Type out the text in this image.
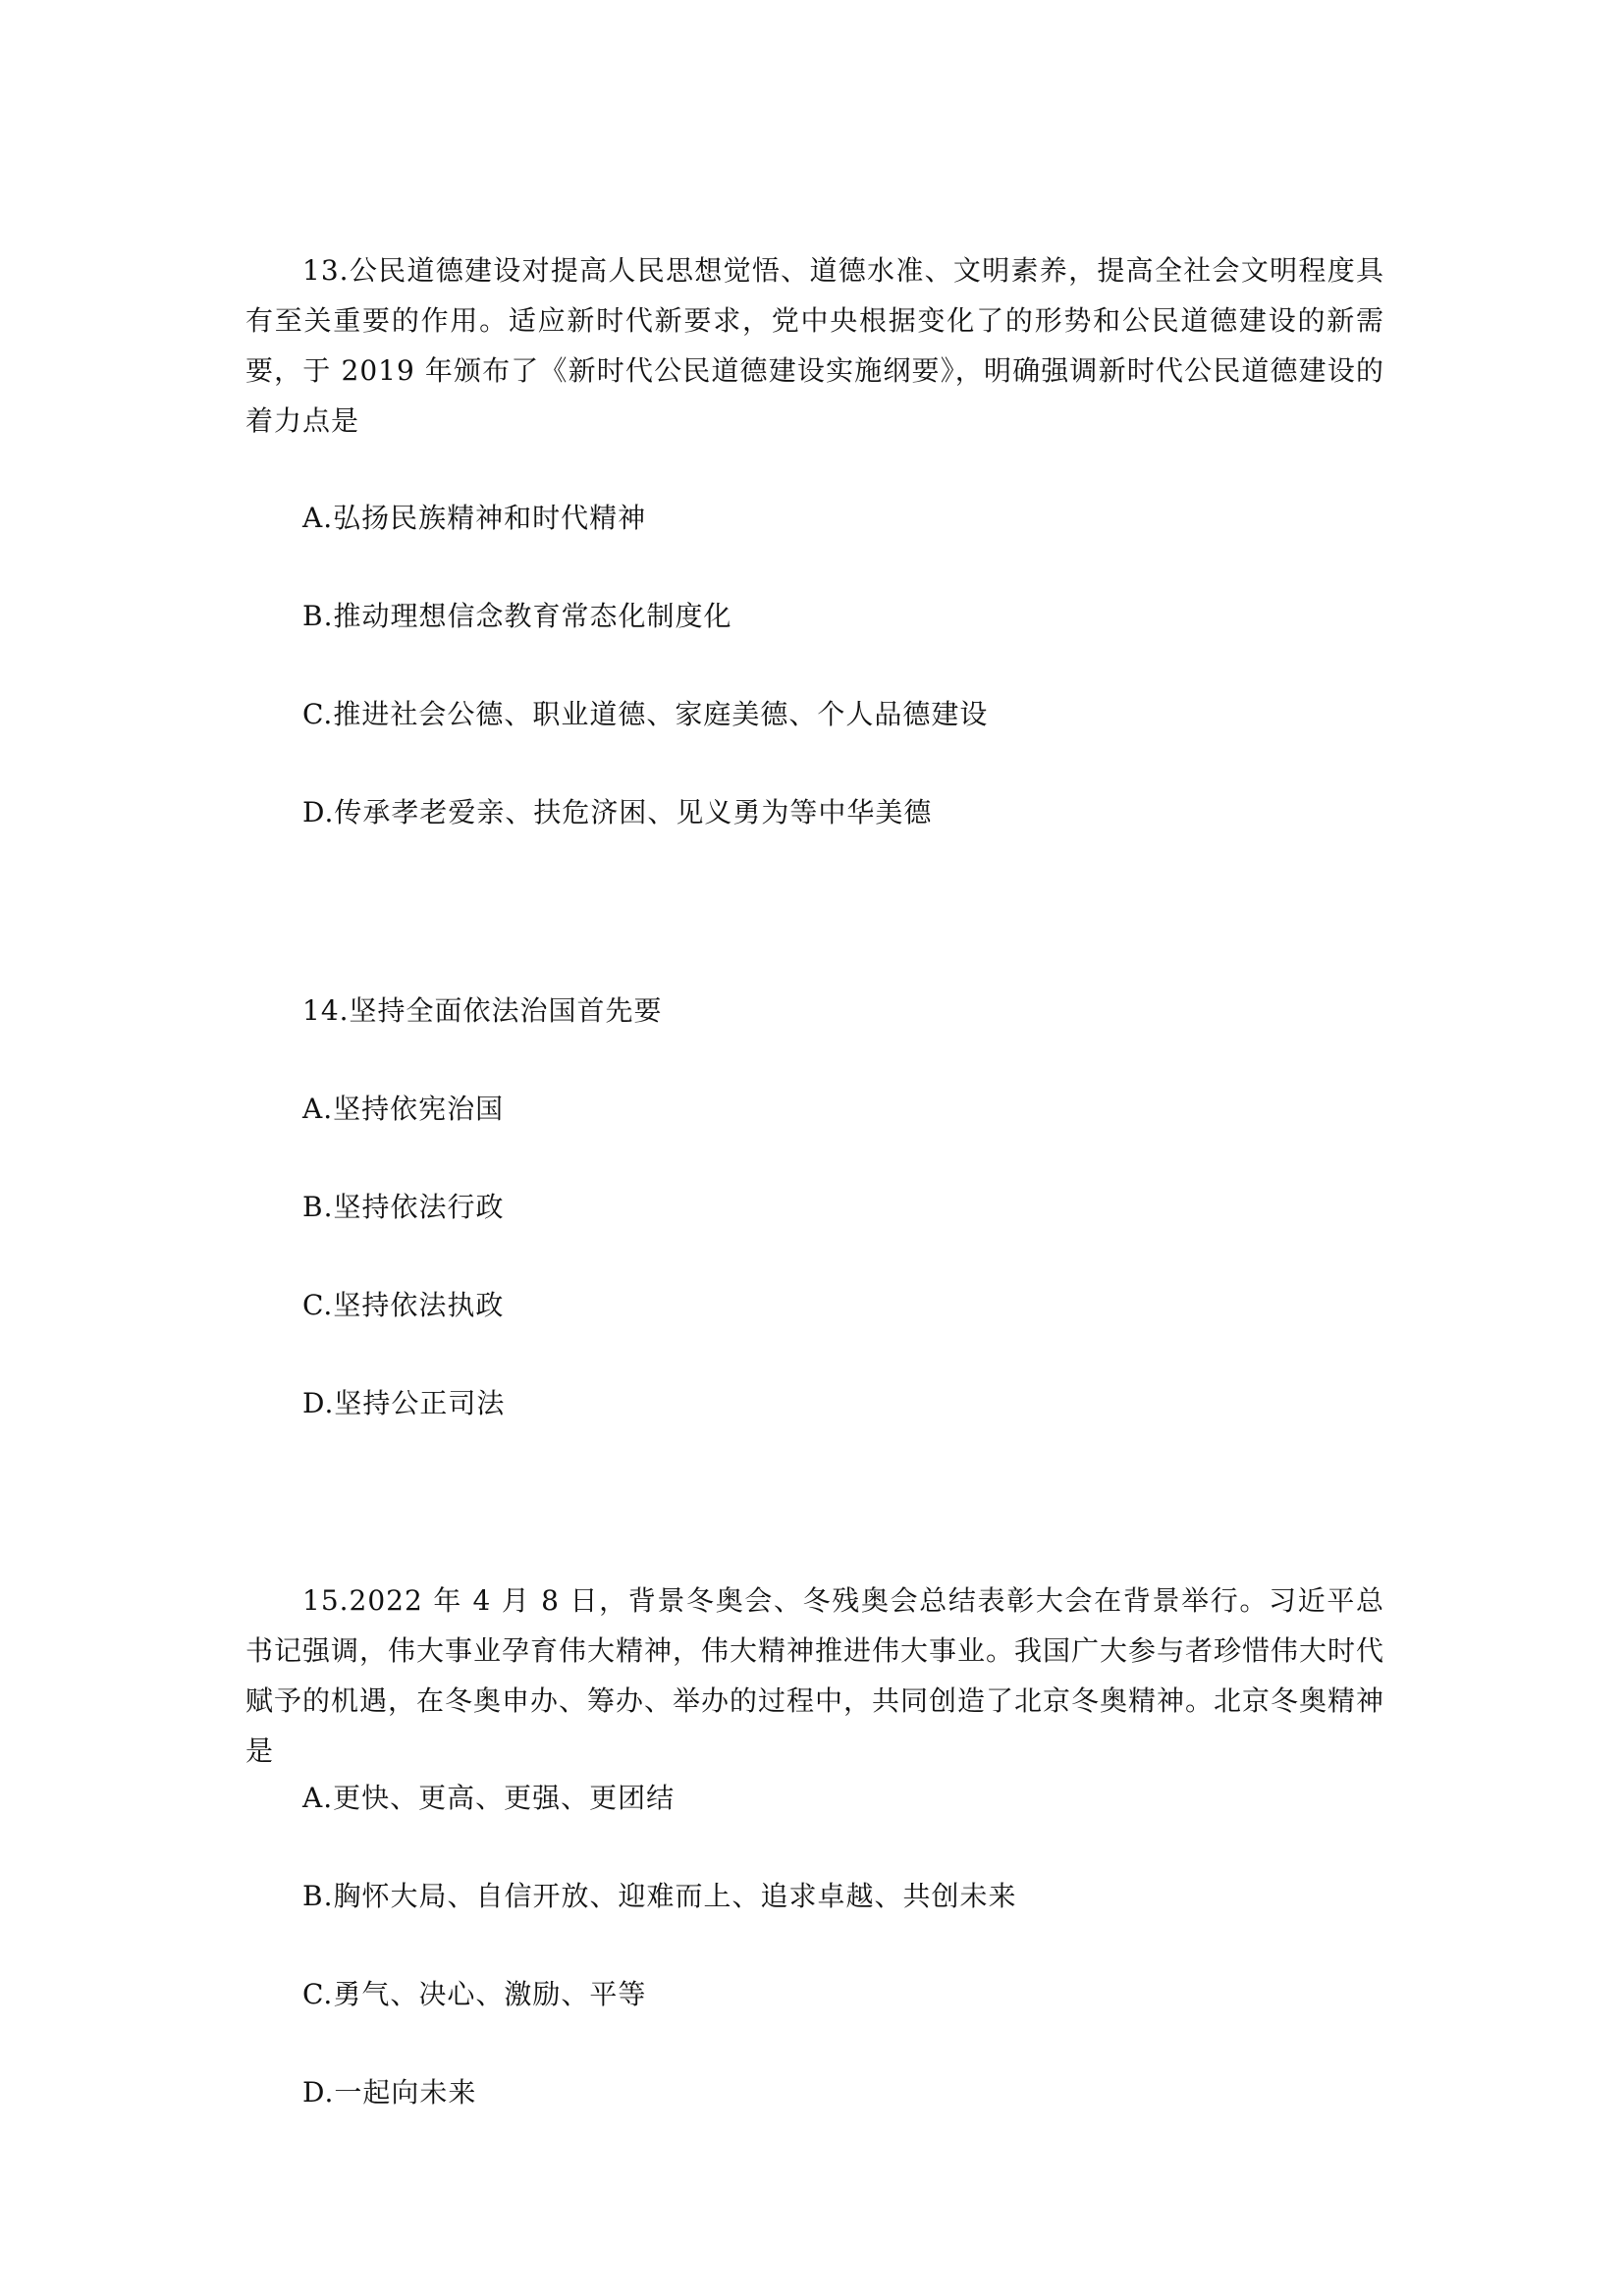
13.公民道德建设对提高人民思想觉悟、道德水准、文明素养，提高全社会文明程度具有至关重要的作用。适应新时代新要求，党中央根据变化了的形势和公民道德建设的新需要，于 2019 年颁布了《新时代公民道德建设实施纲要》，明确强调新时代公民道德建设的着力点是

A.弘扬民族精神和时代精神

B.推动理想信念教育常态化制度化

C.推进社会公德、职业道德、家庭美德、个人品德建设

D.传承孝老爱亲、扶危济困、见义勇为等中华美德

14.坚持全面依法治国首先要

A.坚持依宪治国

B.坚持依法行政

C.坚持依法执政

D.坚持公正司法

15.2022 年 4 月 8 日，背景冬奥会、冬残奥会总结表彰大会在背景举行。习近平总书记强调，伟大事业孕育伟大精神，伟大精神推进伟大事业。我国广大参与者珍惜伟大时代赋予的机遇，在冬奥申办、筹办、举办的过程中，共同创造了北京冬奥精神。北京冬奥精神是

A.更快、更高、更强、更团结

B.胸怀大局、自信开放、迎难而上、追求卓越、共创未来

C.勇气、决心、激励、平等

D.一起向未来
